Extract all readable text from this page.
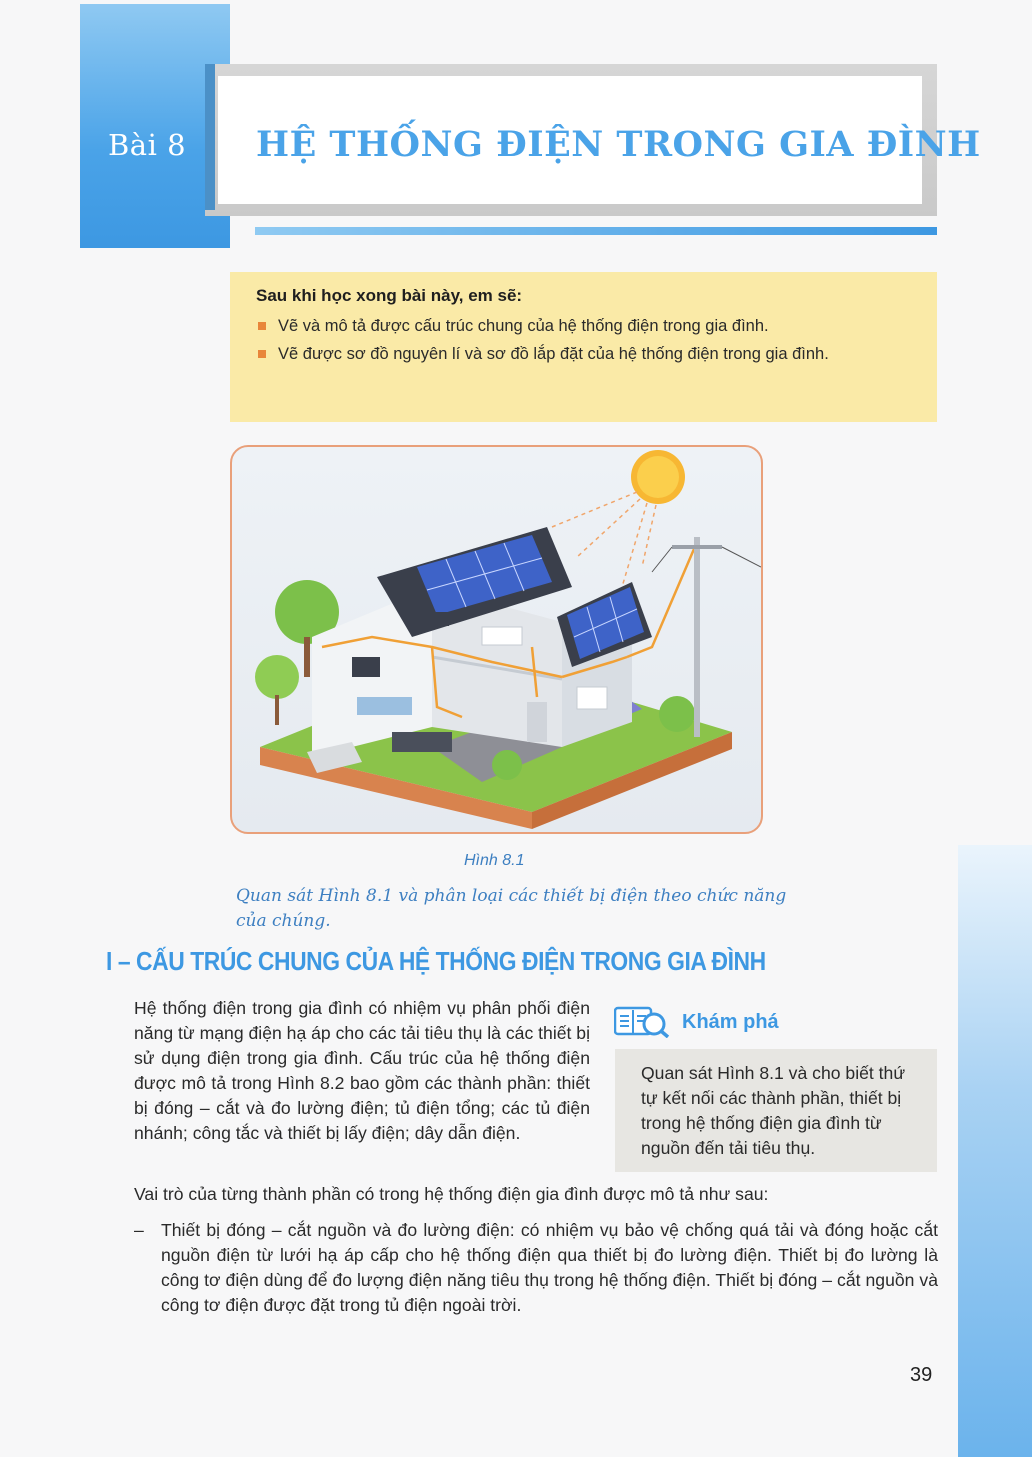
Bài 8 HỆ THỐNG ĐIỆN TRONG GIA ĐÌNH
Sau khi học xong bài này, em sẽ:
Vẽ và mô tả được cấu trúc chung của hệ thống điện trong gia đình.
Vẽ được sơ đồ nguyên lí và sơ đồ lắp đặt của hệ thống điện trong gia đình.
Hình 8.1

Quan sát Hình 8.1 và phân loại các thiết bị điện theo chức năng của chúng.

I – CẤU TRÚC CHUNG CỦA HỆ THỐNG ĐIỆN TRONG GIA ĐÌNH

Hệ thống điện trong gia đình có nhiệm vụ phân phối điện năng từ mạng điện hạ áp cho các tải tiêu thụ là các thiết bị sử dụng điện trong gia đình. Cấu trúc của hệ thống điện được mô tả trong Hình 8.2 bao gồm các thành phần: thiết bị đóng – cắt và đo lường điện; tủ điện tổng; các tủ điện nhánh; công tắc và thiết bị lấy điện; dây dẫn điện.

Khám phá
Quan sát Hình 8.1 và cho biết thứ tự kết nối các thành phần, thiết bị trong hệ thống điện gia đình từ nguồn đến tải tiêu thụ.

Vai trò của từng thành phần có trong hệ thống điện gia đình được mô tả như sau:

– Thiết bị đóng – cắt nguồn và đo lường điện: có nhiệm vụ bảo vệ chống quá tải và đóng hoặc cắt nguồn điện từ lưới hạ áp cấp cho hệ thống điện qua thiết bị đo lường điện. Thiết bị đo lường là công tơ điện dùng để đo lượng điện năng tiêu thụ trong hệ thống điện. Thiết bị đóng – cắt nguồn và công tơ điện được đặt trong tủ điện ngoài trời.
39
